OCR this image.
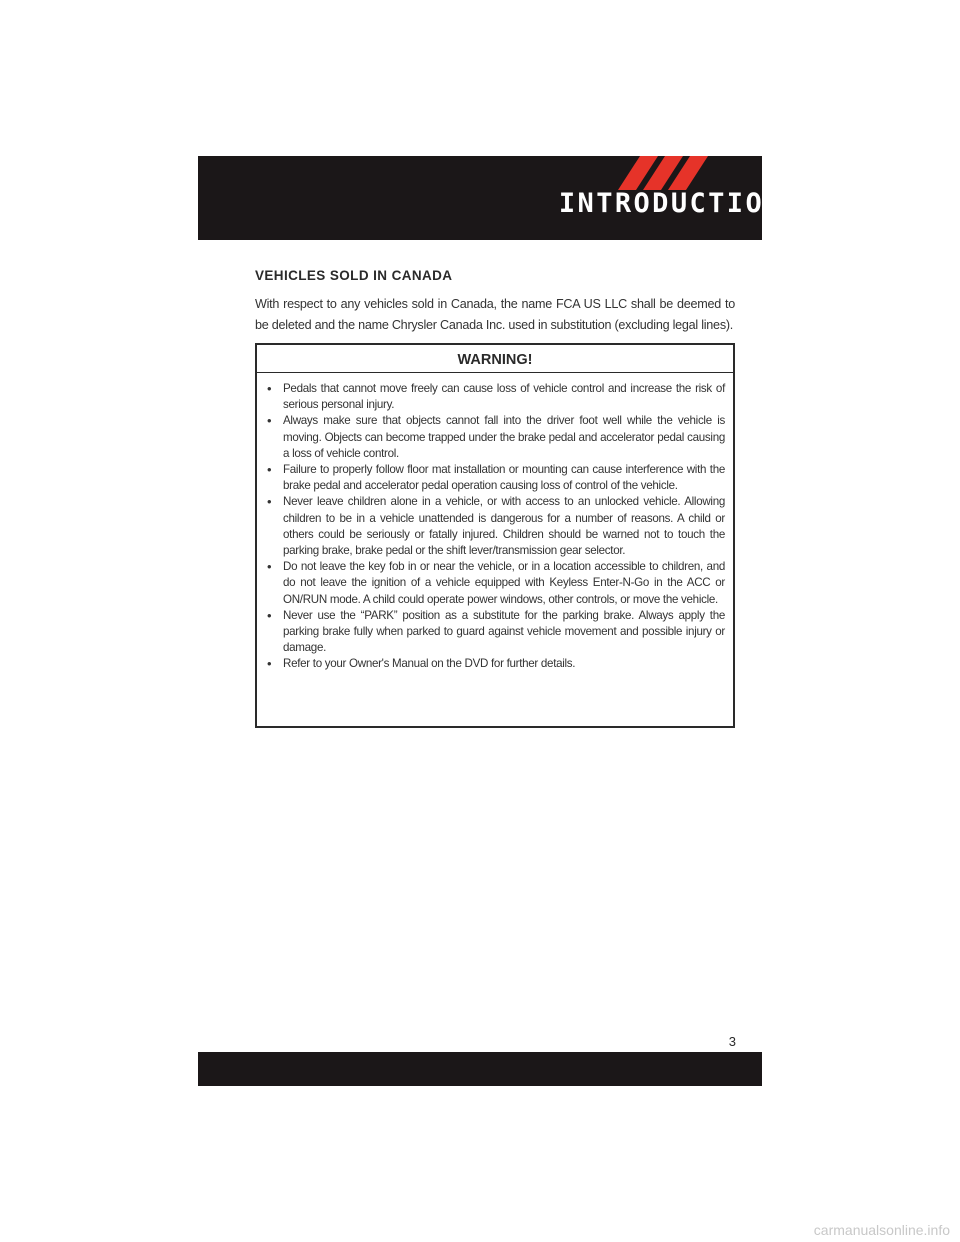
INTRODUCTION/WELCOME
VEHICLES SOLD IN CANADA

With respect to any vehicles sold in Canada, the name FCA US LLC shall be deemed to be deleted and the name Chrysler Canada Inc. used in substitution (excluding legal lines).

WARNING!
• Pedals that cannot move freely can cause loss of vehicle control and increase the risk of serious personal injury.
• Always make sure that objects cannot fall into the driver foot well while the vehicle is moving. Objects can become trapped under the brake pedal and accelerator pedal causing a loss of vehicle control.
• Failure to properly follow floor mat installation or mounting can cause interference with the brake pedal and accelerator pedal operation causing loss of control of the vehicle.
• Never leave children alone in a vehicle, or with access to an unlocked vehicle. Allowing children to be in a vehicle unattended is dangerous for a number of reasons. A child or others could be seriously or fatally injured. Children should be warned not to touch the parking brake, brake pedal or the shift lever/transmission gear selector.
• Do not leave the key fob in or near the vehicle, or in a location accessible to children, and do not leave the ignition of a vehicle equipped with Keyless Enter-N-Go in the ACC or ON/RUN mode. A child could operate power windows, other controls, or move the vehicle.
• Never use the “PARK” position as a substitute for the parking brake. Always apply the parking brake fully when parked to guard against vehicle movement and possible injury or damage.
• Refer to your Owner's Manual on the DVD for further details.

3

carmanualsonline.info
